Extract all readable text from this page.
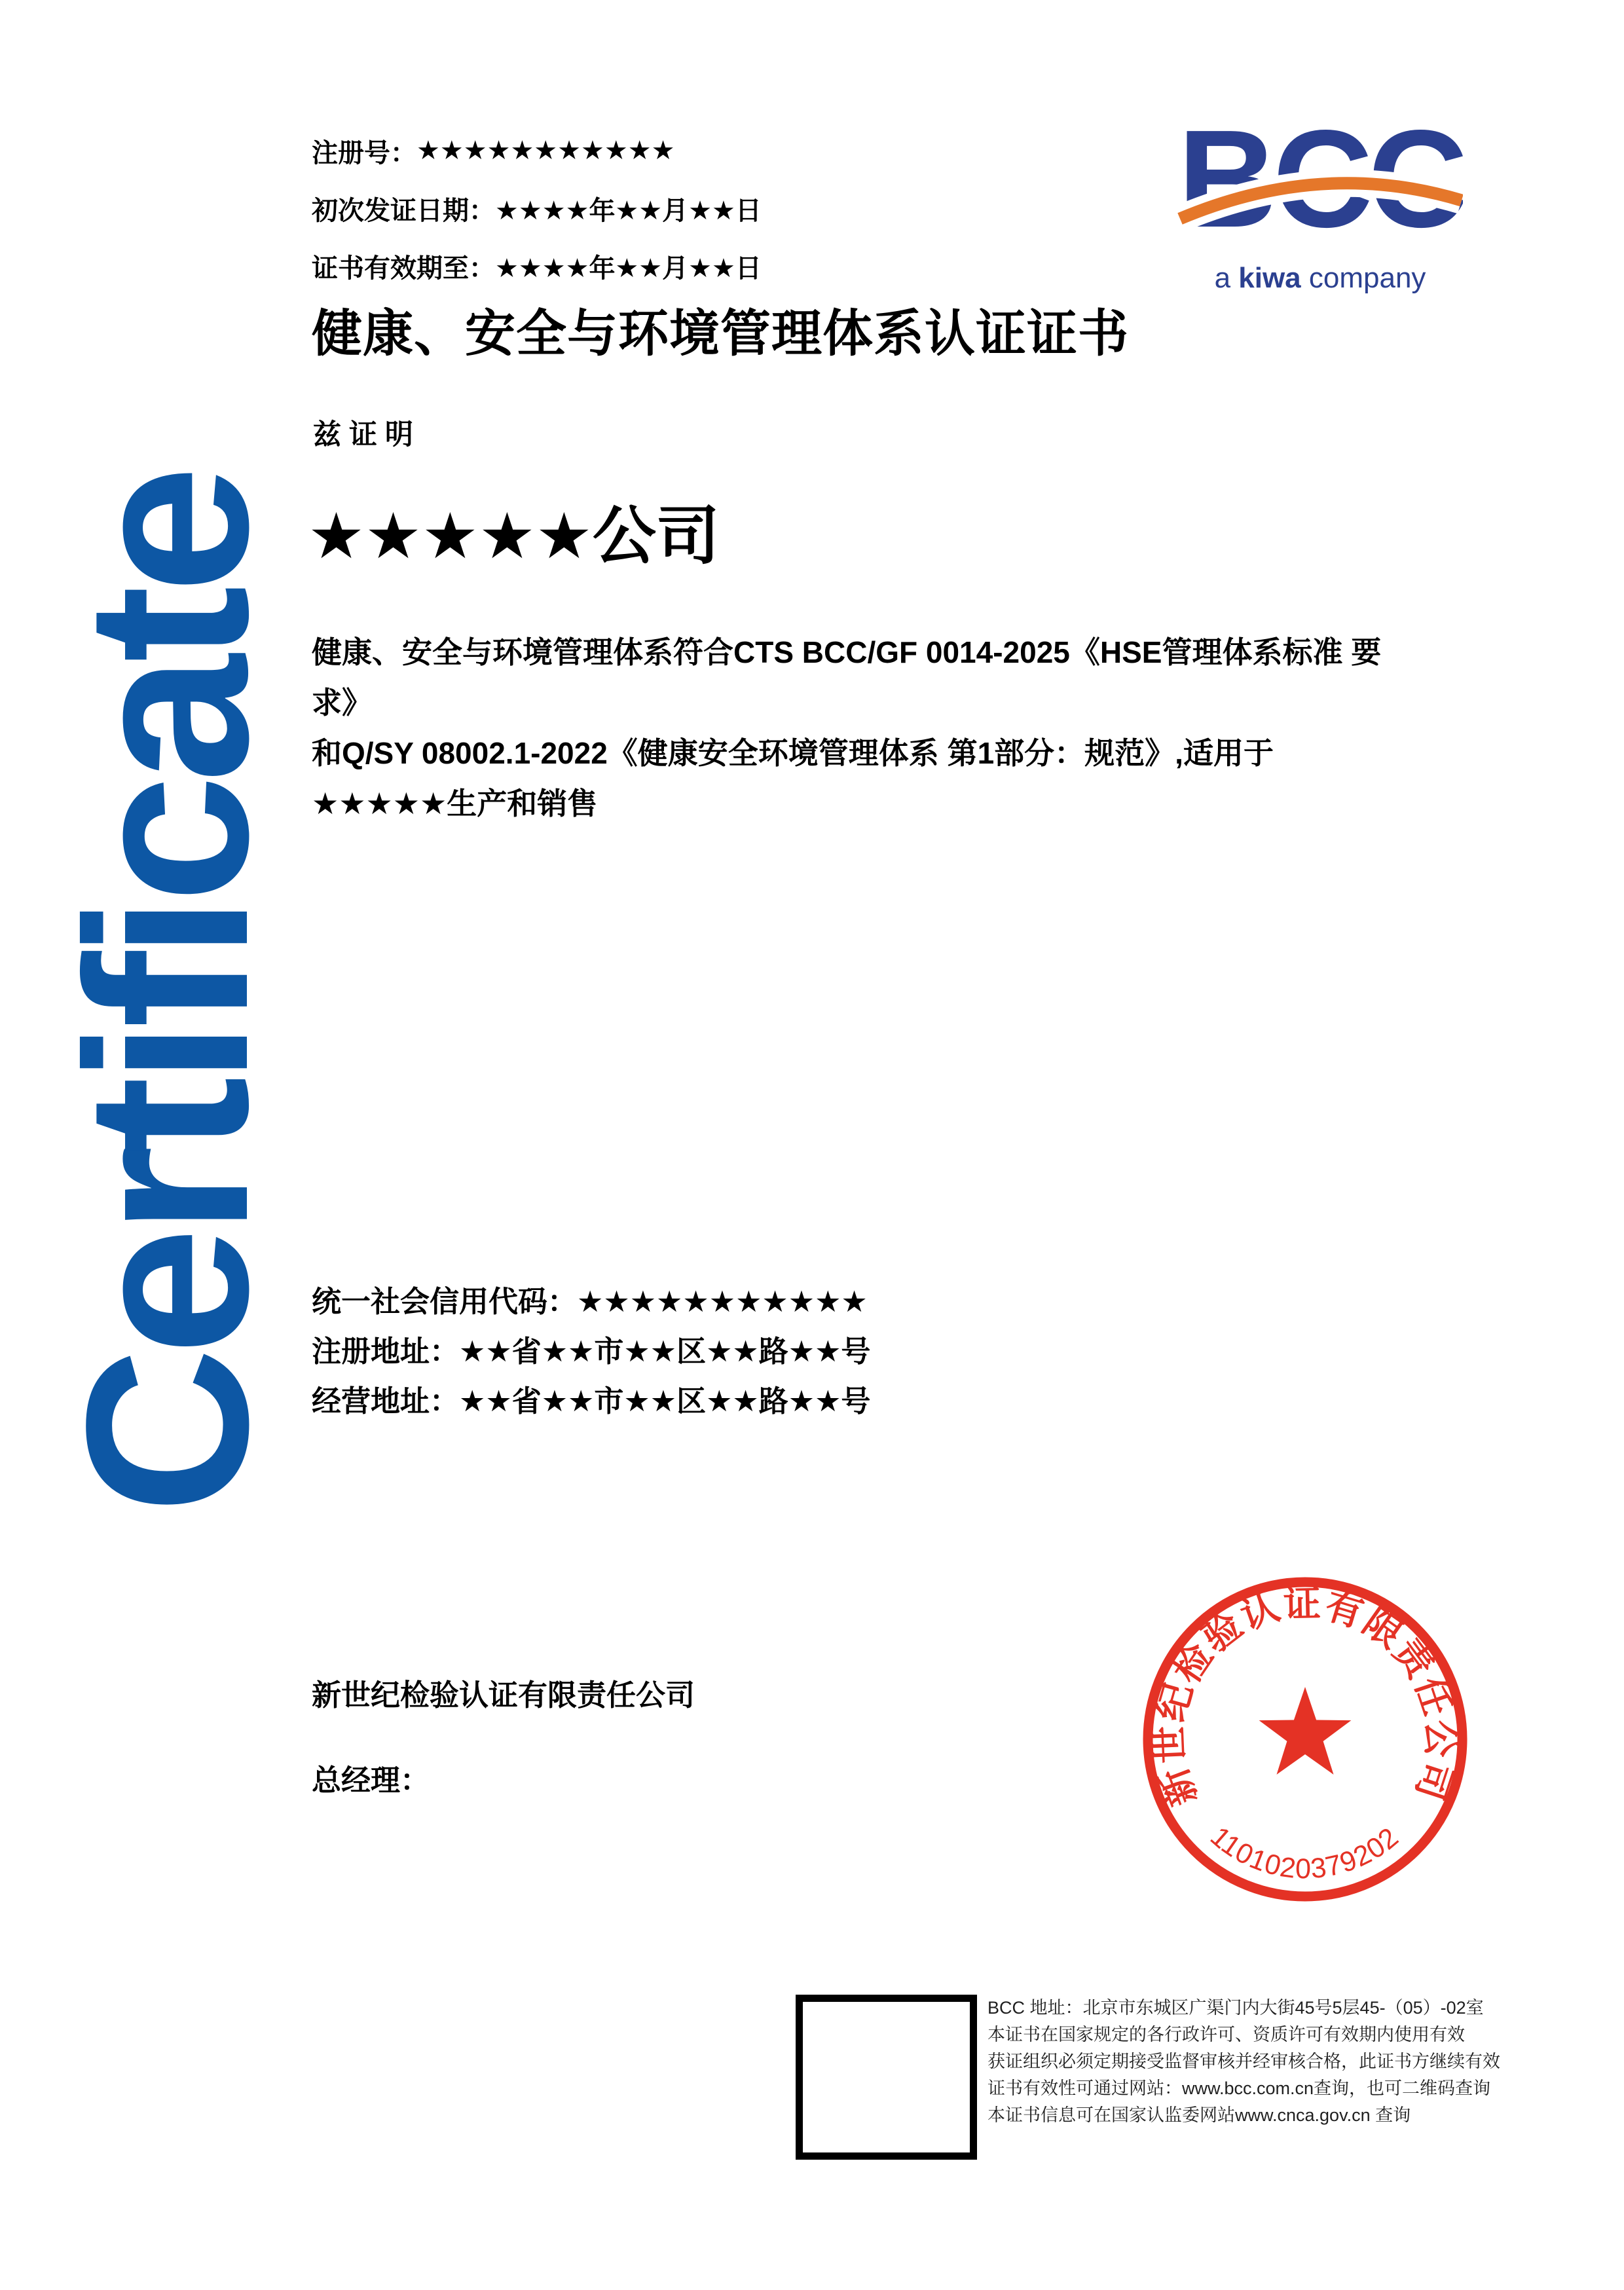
Certificate
注册号： ★★★★★★★★★★★
初次发证日期： ★★★★年★★月★★日
证书有效期至： ★★★★年★★月★★日
BCC
a kiwa company
健康、安全与环境管理体系认证证书
兹 证 明
★★★★★公司
健康、安全与环境管理体系符合CTS BCC/GF 0014-2025《HSE管理体系标准 要求》
和Q/SY 08002.1-2022《健康安全环境管理体系 第1部分：规范》,适用于
★★★★★生产和销售
统一社会信用代码：★★★★★★★★★★★
注册地址：★★省★★市★★区★★路★★号
经营地址：★★省★★市★★区★★路★★号
新世纪检验认证有限责任公司
总经理：	新世纪检验认证有限责任公司
1101020379202
BCC 地址：北京市东城区广渠门内大街45号5层45-（05）-02室
本证书在国家规定的各行政许可、资质许可有效期内使用有效
获证组织必须定期接受监督审核并经审核合格，此证书方继续有效
证书有效性可通过网站：www.bcc.com.cn查询，也可二维码查询
本证书信息可在国家认监委网站www.cnca.gov.cn 查询
